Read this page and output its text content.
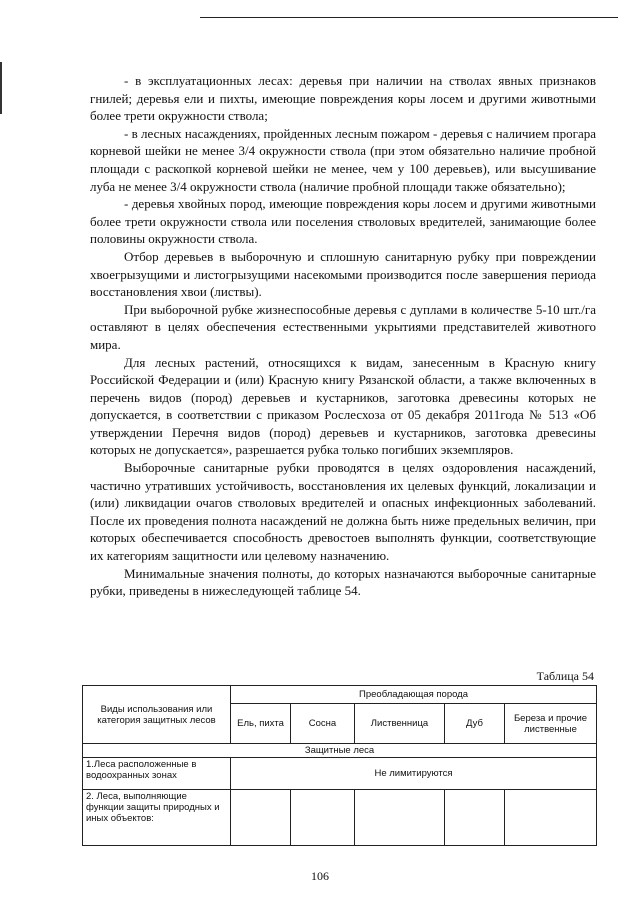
- в эксплуатационных лесах: деревья при наличии на стволах явных признаков гнилей; деревья ели и пихты, имеющие повреждения коры лосем и другими животными более трети окружности ствола;

- в лесных насаждениях, пройденных лесным пожаром - деревья с наличием прогара корневой шейки не менее 3/4 окружности ствола (при этом обязательно наличие пробной площади с раскопкой корневой шейки не менее, чем у 100 деревьев), или высушивание луба не менее 3/4 окружности ствола (наличие пробной площади также обязательно);

- деревья хвойных пород, имеющие повреждения коры лосем и другими животными более трети окружности ствола или поселения стволовых вредителей, занимающие более половины окружности ствола.

Отбор деревьев в выборочную и сплошную санитарную рубку при повреждении хвоегрызущими и листогрызущими насекомыми производится после завершения периода восстановления хвои (листвы).

При выборочной рубке жизнеспособные деревья с дуплами в количестве 5-10 шт./га оставляют в целях обеспечения естественными укрытиями представителей животного мира.

Для лесных растений, относящихся к видам, занесенным в Красную книгу Российской Федерации и (или) Красную книгу Рязанской области, а также включенных в перечень видов (пород) деревьев и кустарников, заготовка древесины которых не допускается, в соответствии с приказом Рослесхоза от 05 декабря 2011года № 513 «Об утверждении Перечня видов (пород) деревьев и кустарников, заготовка древесины которых не допускается», разрешается рубка только погибших экземпляров.

Выборочные санитарные рубки проводятся в целях оздоровления насаждений, частично утративших устойчивость, восстановления их целевых функций, локализации и (или) ликвидации очагов стволовых вредителей и опасных инфекционных заболеваний. После их проведения полнота насаждений не должна быть ниже предельных величин, при которых обеспечивается способность древостоев выполнять функции, соответствующие их категориям защитности или целевому назначению.

Минимальные значения полноты, до которых назначаются выборочные санитарные рубки, приведены в нижеследующей таблице 54.

Таблица 54
Виды использования или категория защитных лесов	Преобладающая порода				
	Ель, пихта	Сосна	Лиственница	Дуб	Береза и прочие лиственные
Защитные леса					
1.Леса расположенные в водоохранных зонах	Не лимитируются				
2. Леса, выполняющие функции защиты природных и иных объектов:					
106
